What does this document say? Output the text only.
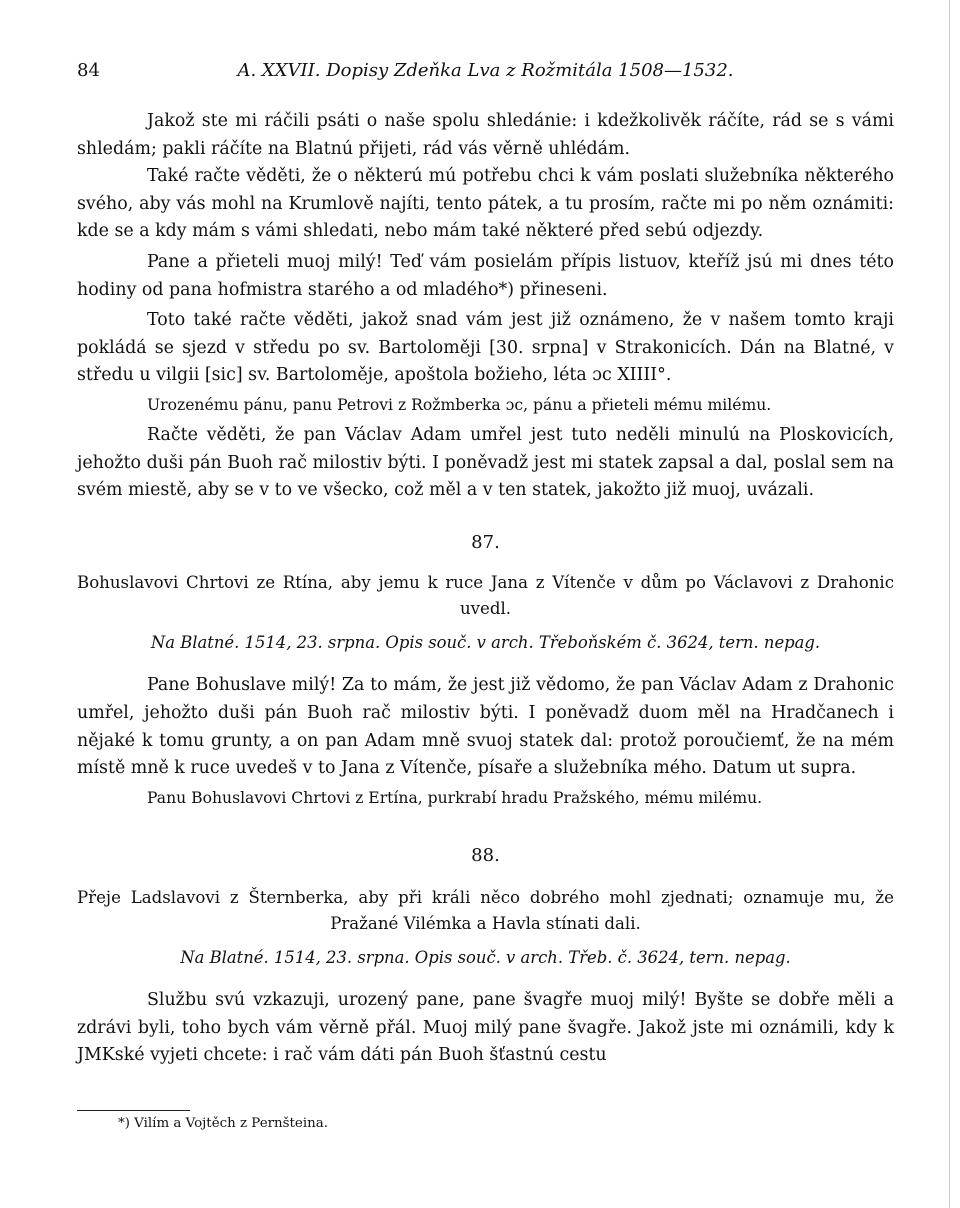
84	A. XXVII. Dopisy Zdeňka Lva z Rožmitála 1508—1532.

Jakož ste mi ráčili psáti o naše spolu shledánie: i kdežkolivěk ráčíte, rád se s vámi shledám; pakli ráčíte na Blatnú přijeti, rád vás věrně uhlédám.

Také račte věděti, že o některú mú potřebu chci k vám poslati služebníka některého svého, aby vás mohl na Krumlově najíti, tento pátek, a tu prosím, račte mi po něm oznámiti: kde se a kdy mám s vámi shledati, nebo mám také některé před sebú odjezdy.

Pane a přieteli muoj milý! Teď vám posielám přípis listuov, kteříž jsú mi dnes této hodiny od pana hofmistra starého a od mladého*) přineseni.

Toto také račte věděti, jakož snad vám jest již oznámeno, že v našem tomto kraji pokládá se sjezd v středu po sv. Bartoloměji [30. srpna] v Strakonicích. Dán na Blatné, v středu u vilgii [sic] sv. Bartoloměje, apoštola božieho, léta ɔc XIIII°.

Urozenému pánu, panu Petrovi z Rožmberka ɔc, pánu a přieteli mému milému.

Račte věděti, že pan Václav Adam umřel jest tuto neděli minulú na Ploskovicích, jehožto duši pán Buoh rač milostiv býti. I poněvadž jest mi statek zapsal a dal, poslal sem na svém miestě, aby se v to ve všecko, což měl a v ten statek, jakožto již muoj, uvázali.

87.

Bohuslavovi Chrtovi ze Rtína, aby jemu k ruce Jana z Vítenče v dům po Václavovi z Drahonic uvedl.

Na Blatné. 1514, 23. srpna. Opis souč. v arch. Třeboňském č. 3624, tern. nepag.

Pane Bohuslave milý! Za to mám, že jest již vědomo, že pan Václav Adam z Drahonic umřel, jehožto duši pán Buoh rač milostiv býti. I poněvadž duom měl na Hradčanech i nějaké k tomu grunty, a on pan Adam mně svuoj statek dal: protož poroučiemť, že na mém místě mně k ruce uvedeš v to Jana z Vítenče, písaře a služebníka mého. Datum ut supra.

Panu Bohuslavovi Chrtovi z Ertína, purkrabí hradu Pražského, mému milému.

88.

Přeje Ladslavovi z Šternberka, aby při králi něco dobrého mohl zjednati; oznamuje mu, že Pražané Vilémka a Havla stínati dali.

Na Blatné. 1514, 23. srpna. Opis souč. v arch. Třeb. č. 3624, tern. nepag.

Službu svú vzkazuji, urozený pane, pane švagře muoj milý! Byšte se dobře měli a zdrávi byli, toho bych vám věrně přál. Muoj milý pane švagře. Jakož jste mi oznámili, kdy k JMKské vyjeti chcete: i rač vám dáti pán Buoh šťastnú cestu

*) Vilím a Vojtěch z Pernšteina.
